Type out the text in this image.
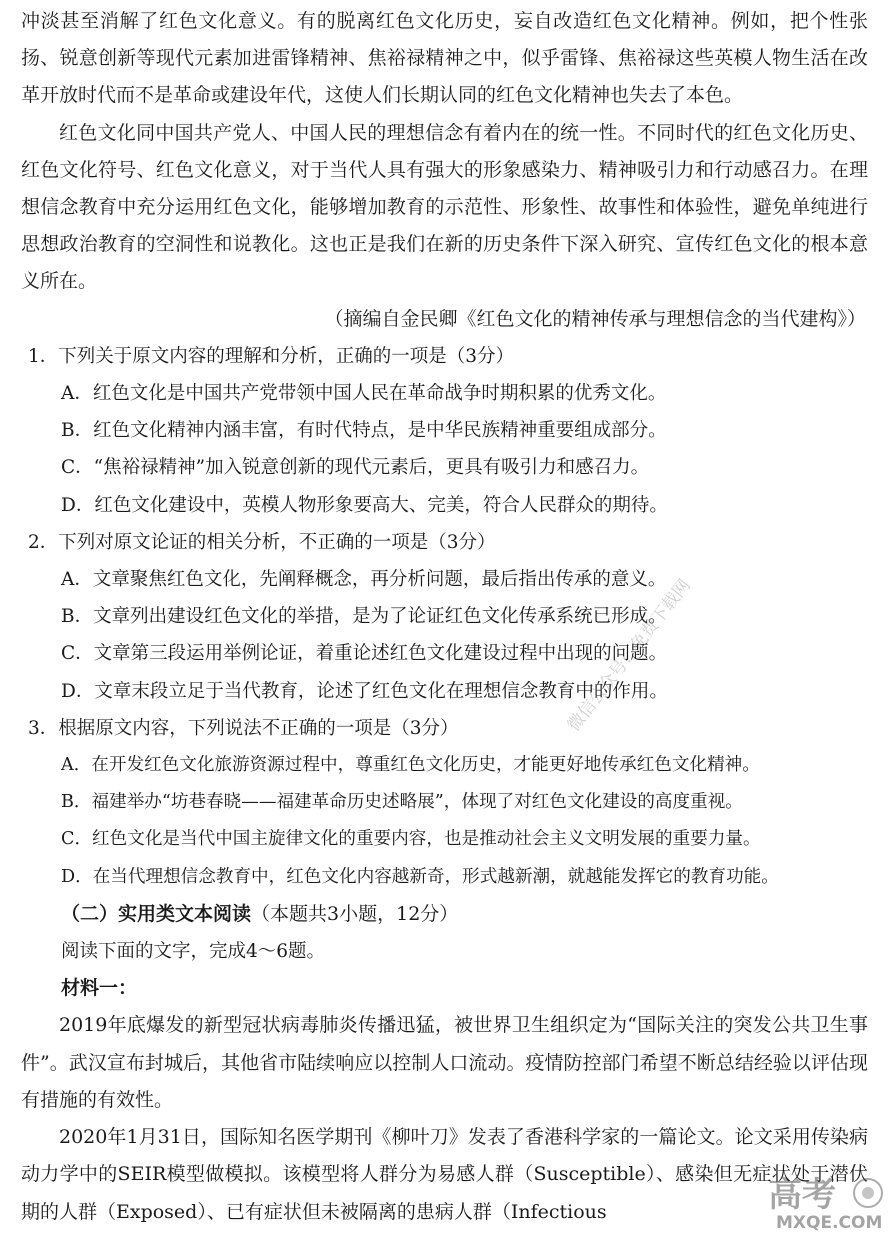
冲淡甚至消解了红色文化意义。有的脱离红色文化历史，妄自改造红色文化精神。例如，把个性张扬、锐意创新等现代元素加进雷锋精神、焦裕禄精神之中，似乎雷锋、焦裕禄这些英模人物生活在改革开放时代而不是革命或建设年代，这使人们长期认同的红色文化精神也失去了本色。

红色文化同中国共产党人、中国人民的理想信念有着内在的统一性。不同时代的红色文化历史、红色文化符号、红色文化意义，对于当代人具有强大的形象感染力、精神吸引力和行动感召力。在理想信念教育中充分运用红色文化，能够增加教育的示范性、形象性、故事性和体验性，避免单纯进行思想政治教育的空洞性和说教化。这也正是我们在新的历史条件下深入研究、宣传红色文化的根本意义所在。

（摘编自金民卿《红色文化的精神传承与理想信念的当代建构》）

1．下列关于原文内容的理解和分析，正确的一项是（3分）

A．红色文化是中国共产党带领中国人民在革命战争时期积累的优秀文化。

B．红色文化精神内涵丰富，有时代特点，是中华民族精神重要组成部分。

C．“焦裕禄精神”加入锐意创新的现代元素后，更具有吸引力和感召力。

D．红色文化建设中，英模人物形象要高大、完美，符合人民群众的期待。

2．下列对原文论证的相关分析，不正确的一项是（3分）

A．文章聚焦红色文化，先阐释概念，再分析问题，最后指出传承的意义。

B．文章列出建设红色文化的举措，是为了论证红色文化传承系统已形成。

C．文章第三段运用举例论证，着重论述红色文化建设过程中出现的问题。

D．文章末段立足于当代教育，论述了红色文化在理想信念教育中的作用。

3．根据原文内容，下列说法不正确的一项是（3分）

A．在开发红色文化旅游资源过程中，尊重红色文化历史，才能更好地传承红色文化精神。

B．福建举办“坊巷春晓——福建革命历史述略展”，体现了对红色文化建设的高度重视。

C．红色文化是当代中国主旋律文化的重要内容，也是推动社会主义文明发展的重要力量。

D．在当代理想信念教育中，红色文化内容越新奇，形式越新潮，就越能发挥它的教育功能。

（二）实用类文本阅读（本题共3小题，12分）

阅读下面的文字，完成4～6题。

材料一：

2019年底爆发的新型冠状病毒肺炎传播迅猛，被世界卫生组织定为“国际关注的突发公共卫生事件”。武汉宣布封城后，其他省市陆续响应以控制人口流动。疫情防控部门希望不断总结经验以评估现有措施的有效性。

2020年1月31日，国际知名医学期刊《柳叶刀》发表了香港科学家的一篇论文。论文采用传染病动力学中的SEIR模型做模拟。该模型将人群分为易感人群（Susceptible）、感染但无症状处于潜伏期的人群（Exposed）、已有症状但未被隔离的患病人群（Infectious

微信公众号：免费下载网
高考
MXQE.COM
